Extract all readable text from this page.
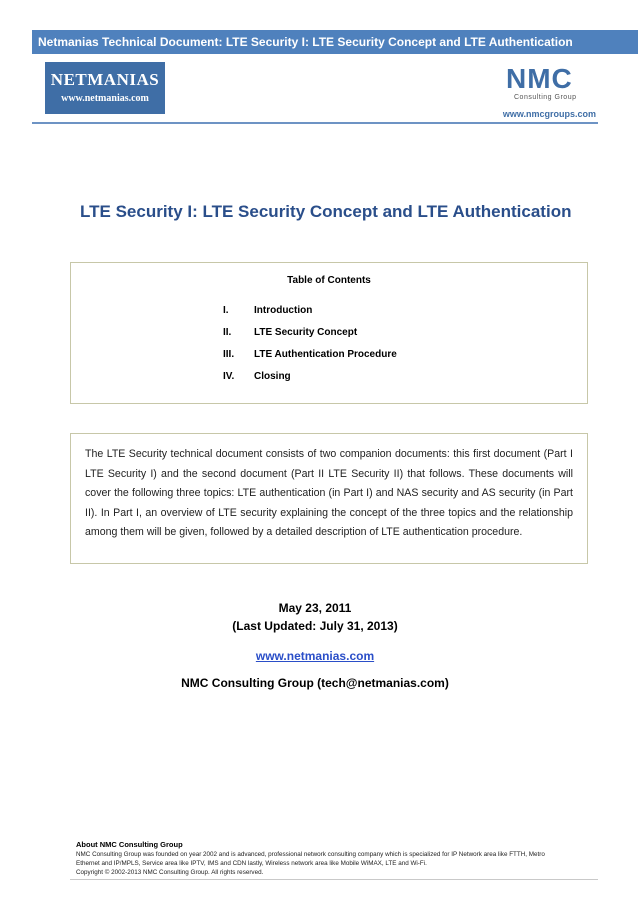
Netmanias Technical Document: LTE Security I: LTE Security Concept and LTE Authentication
NETMANIAS
www.netmanias.com
NMC
Consulting Group
www.nmcgroups.com
LTE Security I: LTE Security Concept and LTE Authentication
Table of Contents
I.	Introduction
II. LTE Security Concept
III. LTE Authentication Procedure
IV. Closing
The LTE Security technical document consists of two companion documents: this first document (Part I LTE Security I) and the second document (Part II LTE Security II) that follows. These documents will cover the following three topics: LTE authentication (in Part I) and NAS security and AS security (in Part II). In Part I, an overview of LTE security explaining the concept of the three topics and the relationship among them will be given, followed by a detailed description of LTE authentication procedure.
May 23, 2011
(Last Updated: July 31, 2013)
www.netmanias.com
NMC Consulting Group (tech@netmanias.com)
About NMC Consulting Group
NMC Consulting Group was founded on year 2002 and is advanced, professional network consulting company which is specialized for IP Network area like FTTH, Metro
Ethernet and IP/MPLS, Service area like IPTV, IMS and CDN lastly, Wireless network area like Mobile WiMAX, LTE and Wi-Fi.
Copyright © 2002-2013 NMC Consulting Group. All rights reserved.
